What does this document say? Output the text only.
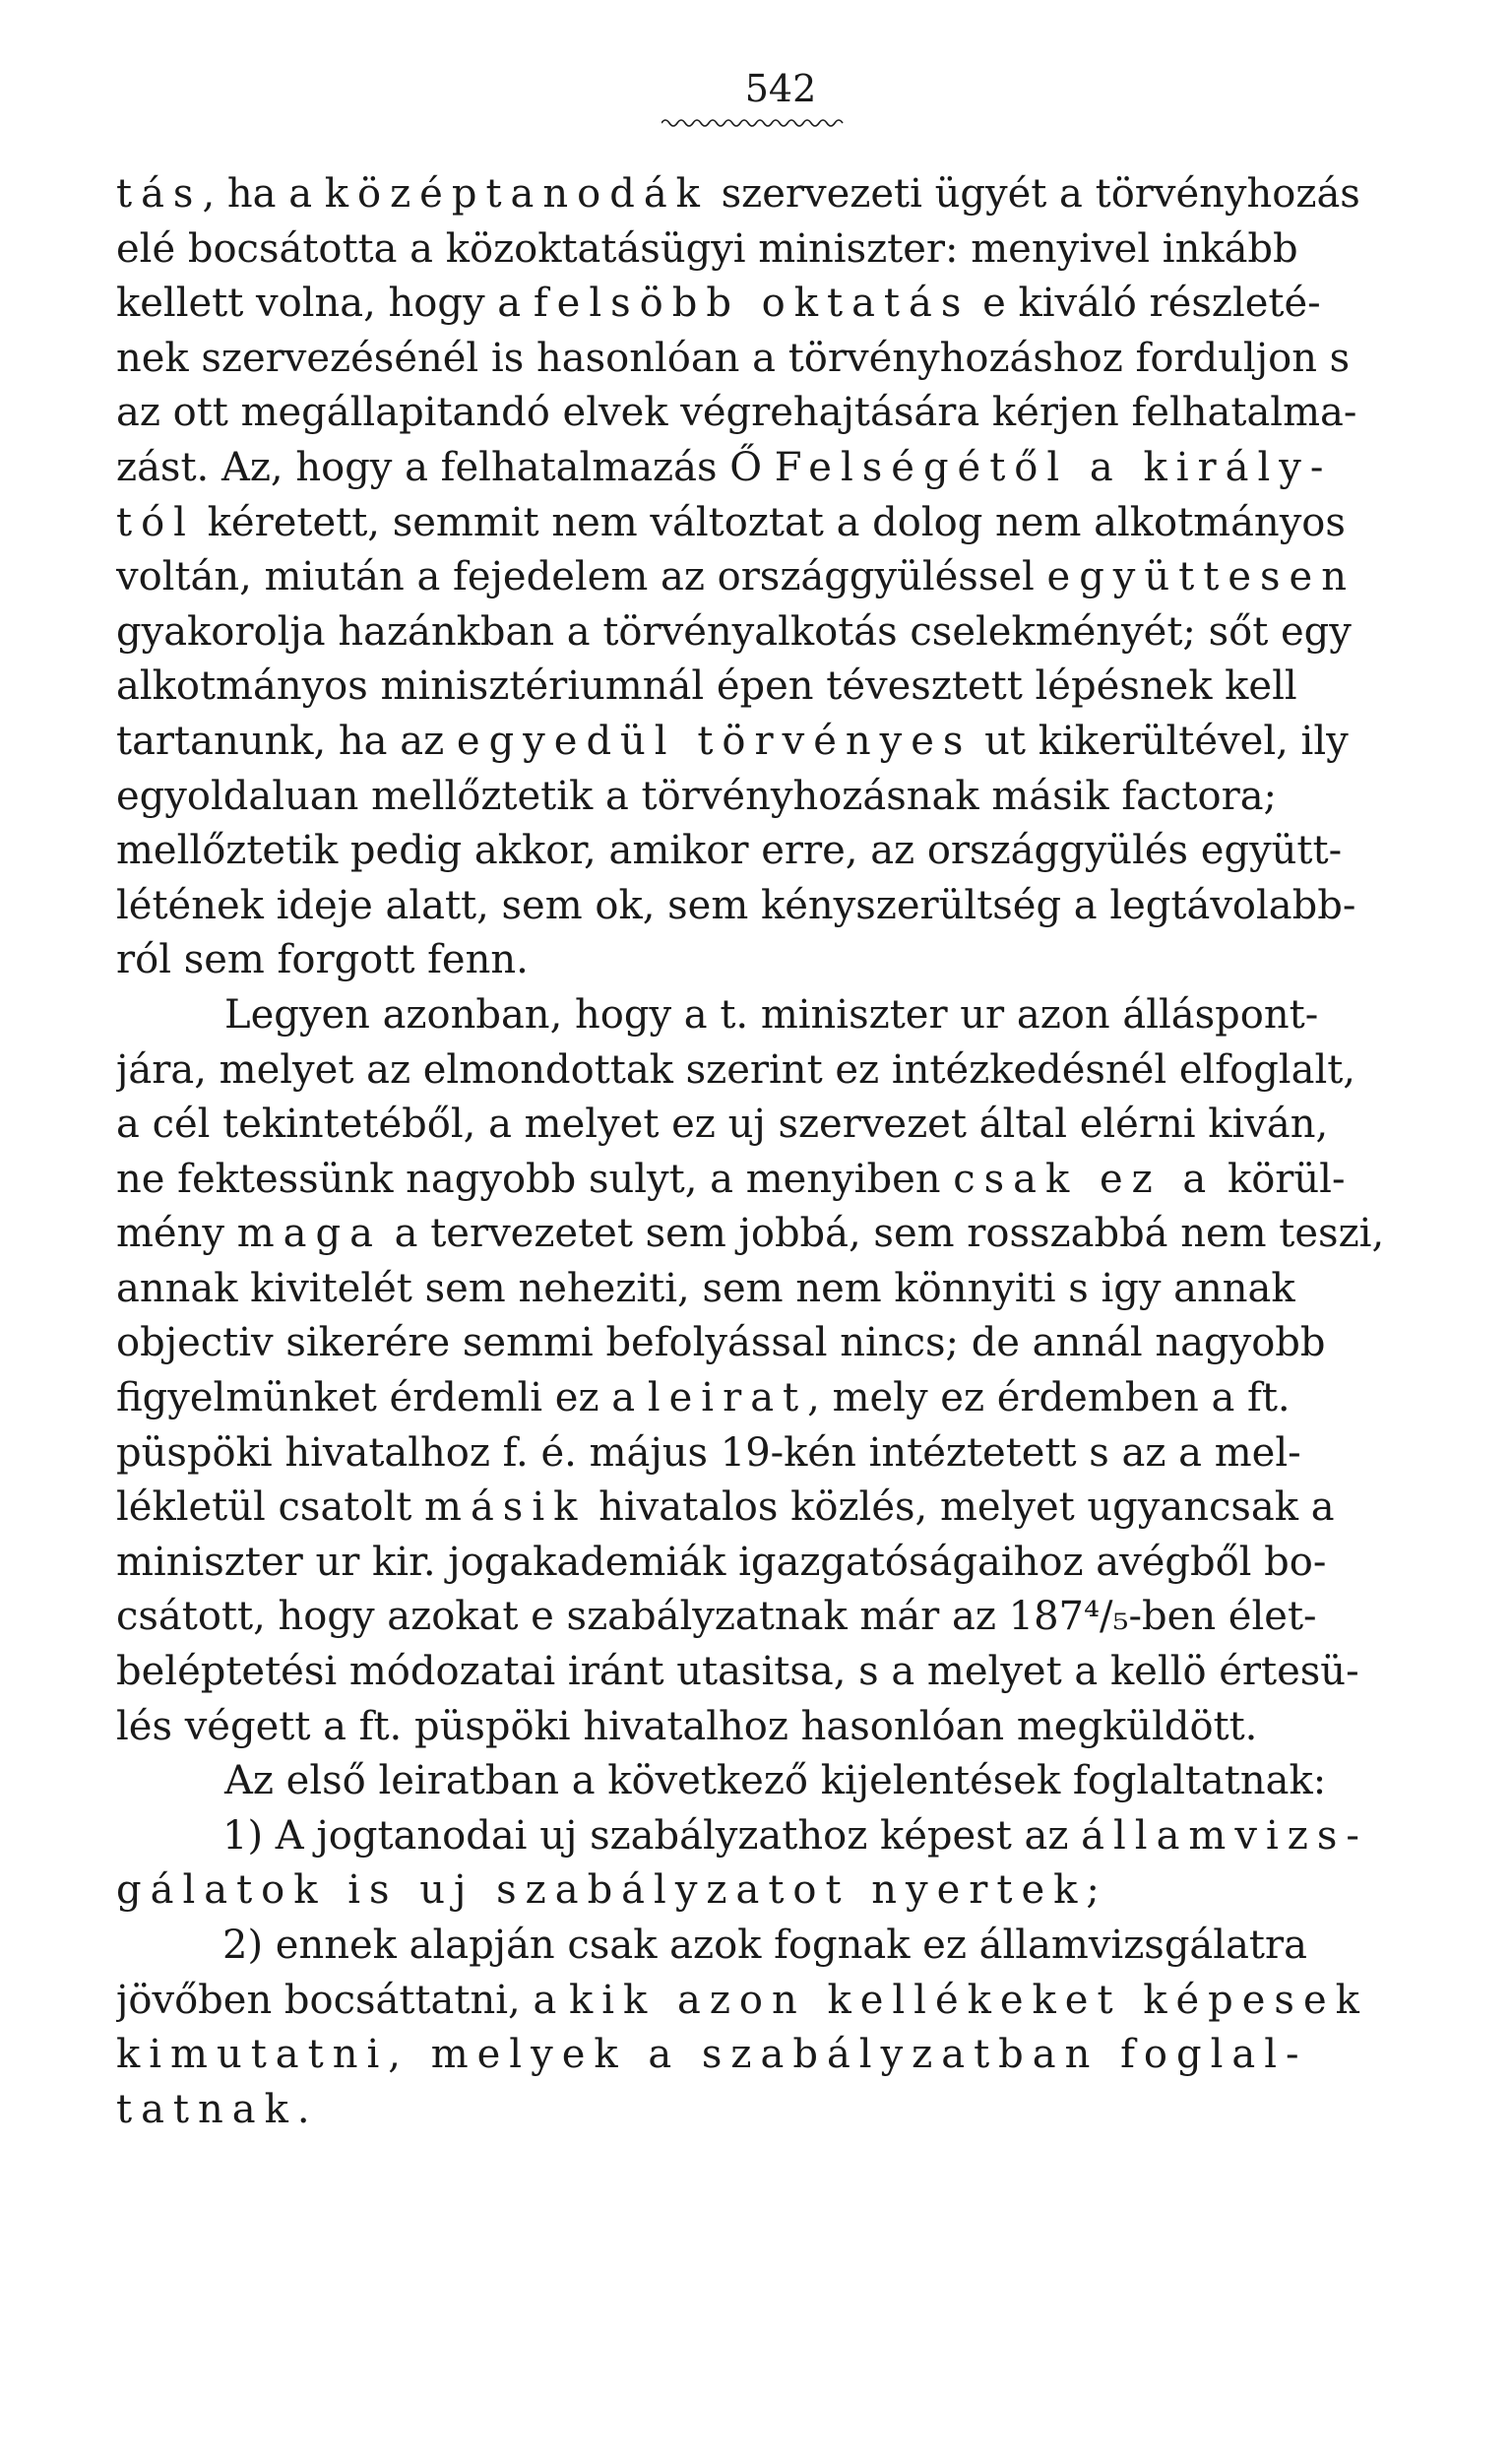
542
tás, ha a középtanodák szervezeti ügyét a törvényhozás
elé bocsátotta a közoktatásügyi miniszter: menyivel inkább
kellett volna, hogy a felsöbb oktatás e kiváló részleté-
nek szervezésénél is hasonlóan a törvényhozáshoz forduljon s
az ott megállapitandó elvek végrehajtására kérjen felhatalma-
zást. Az, hogy a felhatalmazás Ő Felségétől a király-
tól kéretett, semmit nem változtat a dolog nem alkotmányos
voltán, miután a fejedelem az országgyüléssel együttesen
gyakorolja hazánkban a törvényalkotás cselekményét; sőt egy
alkotmányos minisztériumnál épen tévesztett lépésnek kell
tartanunk, ha az egyedül törvényes ut kikerültével, ily
egyoldaluan mellőztetik a törvényhozásnak másik factora;
mellőztetik pedig akkor, amikor erre, az országgyülés együtt-
létének ideje alatt, sem ok, sem kényszerültség a legtávolabb-
ról sem forgott fenn.
Legyen azonban, hogy a t. miniszter ur azon álláspont-
jára, melyet az elmondottak szerint ez intézkedésnél elfoglalt,
a cél tekintetéből, a melyet ez uj szervezet által elérni kiván,
ne fektessünk nagyobb sulyt, a menyiben csak ez a körül-
mény maga a tervezetet sem jobbá, sem rosszabbá nem teszi,
annak kivitelét sem neheziti, sem nem könnyiti s igy annak
objectiv sikerére semmi befolyással nincs; de annál nagyobb
figyelmünket érdemli ez a leirat, mely ez érdemben a ft.
püspöki hivatalhoz f. é. május 19-kén intéztetett s az a mel-
lékletül csatolt másik hivatalos közlés, melyet ugyancsak a
miniszter ur kir. jogakademiák igazgatóságaihoz avégből bo-
csátott, hogy azokat e szabályzatnak már az 187⁴/₅-ben élet-
beléptetési módozatai iránt utasitsa, s a melyet a kellö értesü-
lés végett a ft. püspöki hivatalhoz hasonlóan megküldött.
Az első leiratban a következő kijelentések foglaltatnak:
1) A jogtanodai uj szabályzathoz képest az államvizs-
gálatok is uj szabályzatot nyertek;
2) ennek alapján csak azok fognak ez államvizsgálatra
jövőben bocsáttatni, a kik azon kellékeket képesek
kimutatni, melyek a szabályzatban foglal-
tatnak.
